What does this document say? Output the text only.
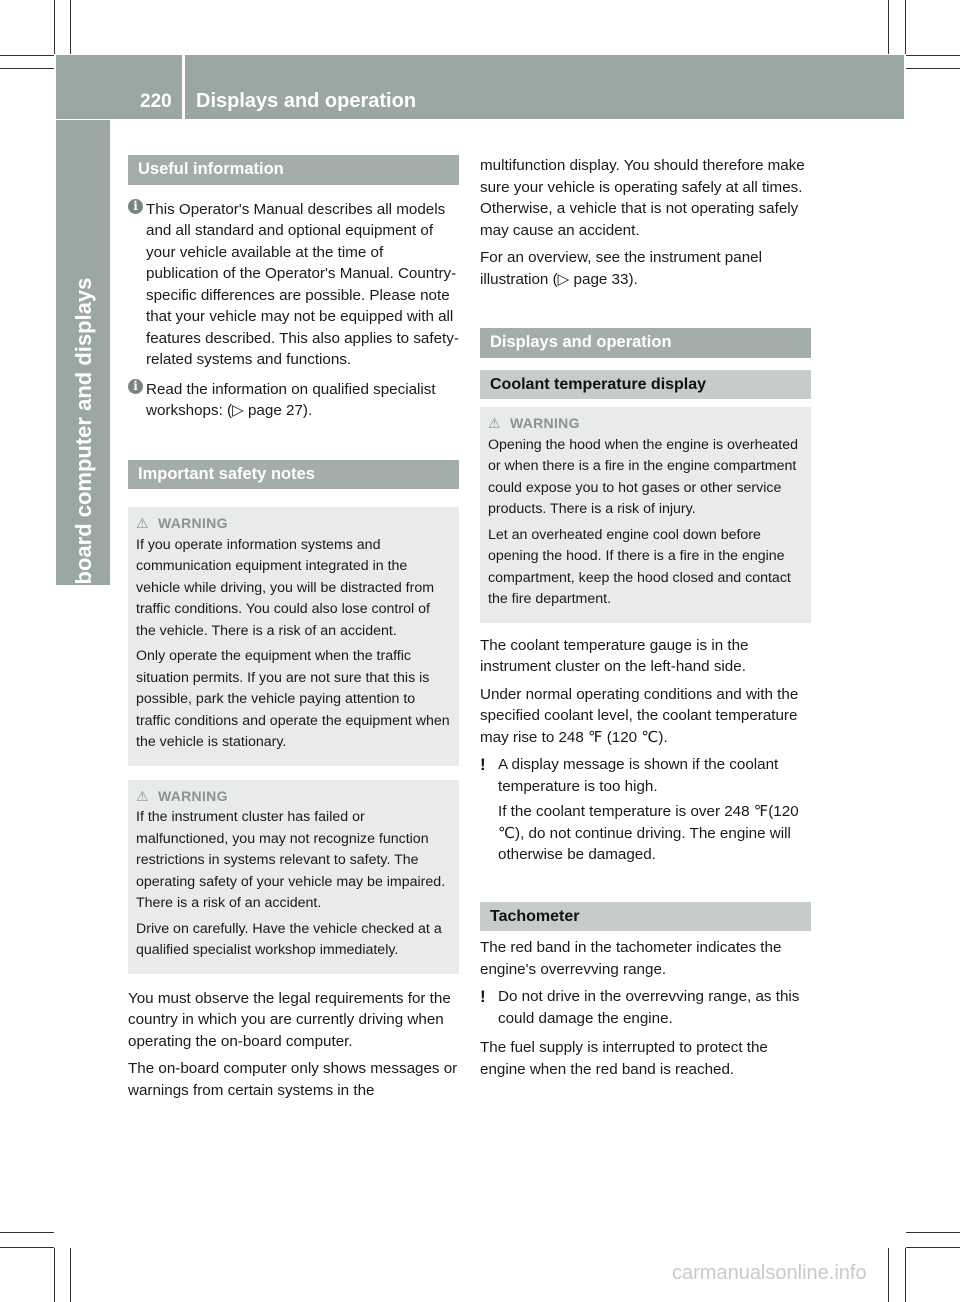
220 Displays and operation
On-board computer and displays
Useful information
i This Operator's Manual describes all models and all standard and optional equipment of your vehicle available at the time of publication of the Operator's Manual. Country-specific differences are possible. Please note that your vehicle may not be equipped with all features described. This also applies to safety-related systems and functions.
i Read the information on qualified specialist workshops: (▷ page 27).
Important safety notes
⚠ WARNING

If you operate information systems and communication equipment integrated in the vehicle while driving, you will be distracted from traffic conditions. You could also lose control of the vehicle. There is a risk of an accident.

Only operate the equipment when the traffic situation permits. If you are not sure that this is possible, park the vehicle paying attention to traffic conditions and operate the equipment when the vehicle is stationary.

⚠ WARNING

If the instrument cluster has failed or malfunctioned, you may not recognize function restrictions in systems relevant to safety. The operating safety of your vehicle may be impaired. There is a risk of an accident.

Drive on carefully. Have the vehicle checked at a qualified specialist workshop immediately.

You must observe the legal requirements for the country in which you are currently driving when operating the on-board computer.

The on-board computer only shows messages or warnings from certain systems in the

multifunction display. You should therefore make sure your vehicle is operating safely at all times. Otherwise, a vehicle that is not operating safely may cause an accident.

For an overview, see the instrument panel illustration (▷ page 33).

Displays and operation
Coolant temperature display
⚠ WARNING

Opening the hood when the engine is overheated or when there is a fire in the engine compartment could expose you to hot gases or other service products. There is a risk of injury.

Let an overheated engine cool down before opening the hood. If there is a fire in the engine compartment, keep the hood closed and contact the fire department.

The coolant temperature gauge is in the instrument cluster on the left-hand side.

Under normal operating conditions and with the specified coolant level, the coolant temperature may rise to 248 ℉ (120 ℃).

! A display message is shown if the coolant temperature is too high.

If the coolant temperature is over 248 ℉(120 ℃), do not continue driving. The engine will otherwise be damaged.

Tachometer

The red band in the tachometer indicates the engine's overrevving range.

! Do not drive in the overrevving range, as this could damage the engine.

The fuel supply is interrupted to protect the engine when the red band is reached.

carmanualsonline.info
